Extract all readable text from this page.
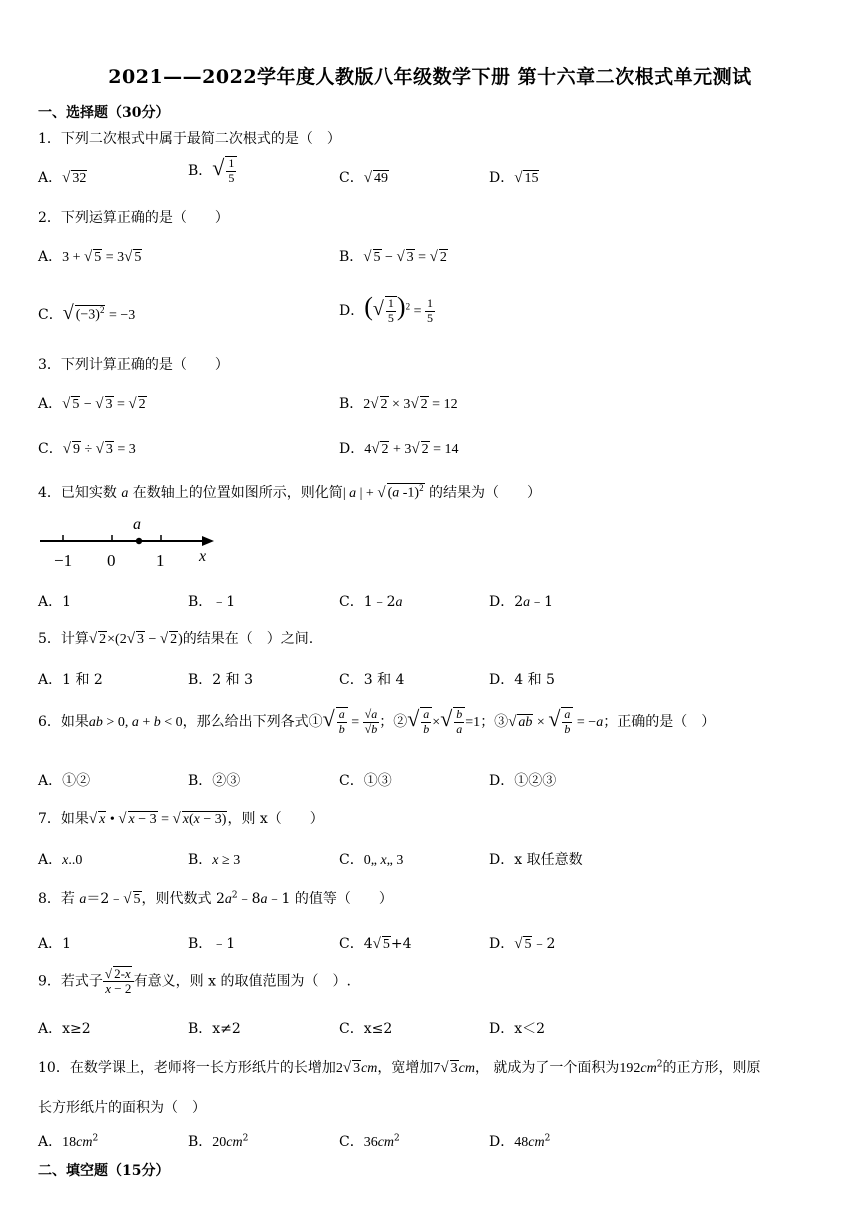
2021——2022学年度人教版八年级数学下册 第十六章二次根式单元测试
一、选择题（30分）
1．下列二次根式中属于最简二次根式的是（　）
A．√ 32	B．√ $\frac{1}{5}$	C．√ 49	D．√ 15
2．下列运算正确的是（　　）
A．3 + √ 5 = 3√ 5	B．√ 5 − √ 3 = √ 2
C．√ $(-3)^2 = -3$	D．(√ $\frac{1}{5} )^2 = \frac{1}{5}$
3．下列计算正确的是（　　）
A．√ 5 − √ 3 = √ 2	B．2√ 2 × 3√ 2 = 12
C．√ 9 ÷ √ 3 = 3	D．4√ 2 + 3√ 2 = 14
4．已知实数 a 在数轴上的位置如图所示，则化简| a | + √ (a -1)$^2$ 的结果为（　　）
a
−1 0 1 x
A．1	B．﹣1	C．1﹣2a	D．2a﹣1
5．计算√ 2×(2√ 3 − √ 2)的结果在（　）之间.
A．1 和 2	B．2 和 3	C．3 和 4	D．4 和 5
6．如果ab > 0, a + b < 0，那么给出下列各式①√ $\frac{a}{b} = \frac{√a}{√b}$ ；②√ $\frac{a}{b}$ ×√ $\frac{b}{a} =1$；③√ ab × √ $\frac{a}{b} = -a$；正确的是（　）
A．①②	B．②③	C．①③	D．①②③
7．如果√ x • √ x − 3 = √ x(x − 3)，则 x（　　）
A．x..0	B．x ≥ 3	C．0„ x„ 3	D．x 取任意数
8．若 a＝2﹣√ 5，则代数式 $2a^2﹣8a﹣1$ 的值等（　　）
A．1	B．﹣1	C．4√ 5+4	D．√ 5﹣2
9．若式子 $\frac{√ 2-x}{x - 2}$ 有意义，则 x 的取值范围为（　）.
A．x≥2	B．x≠2	C．x≤2	D．x＜2
10．在数学课上，老师将一长方形纸片的长增加2√ 3cm，宽增加7√ 3cm， 就成为了一个面积为$192cm^2$的正方形，则原
长方形纸片的面积为（　）
A．$18cm^2$	B．$20cm^2$	C．$36cm^2$	D．$48cm^2$
二、填空题（15分）
